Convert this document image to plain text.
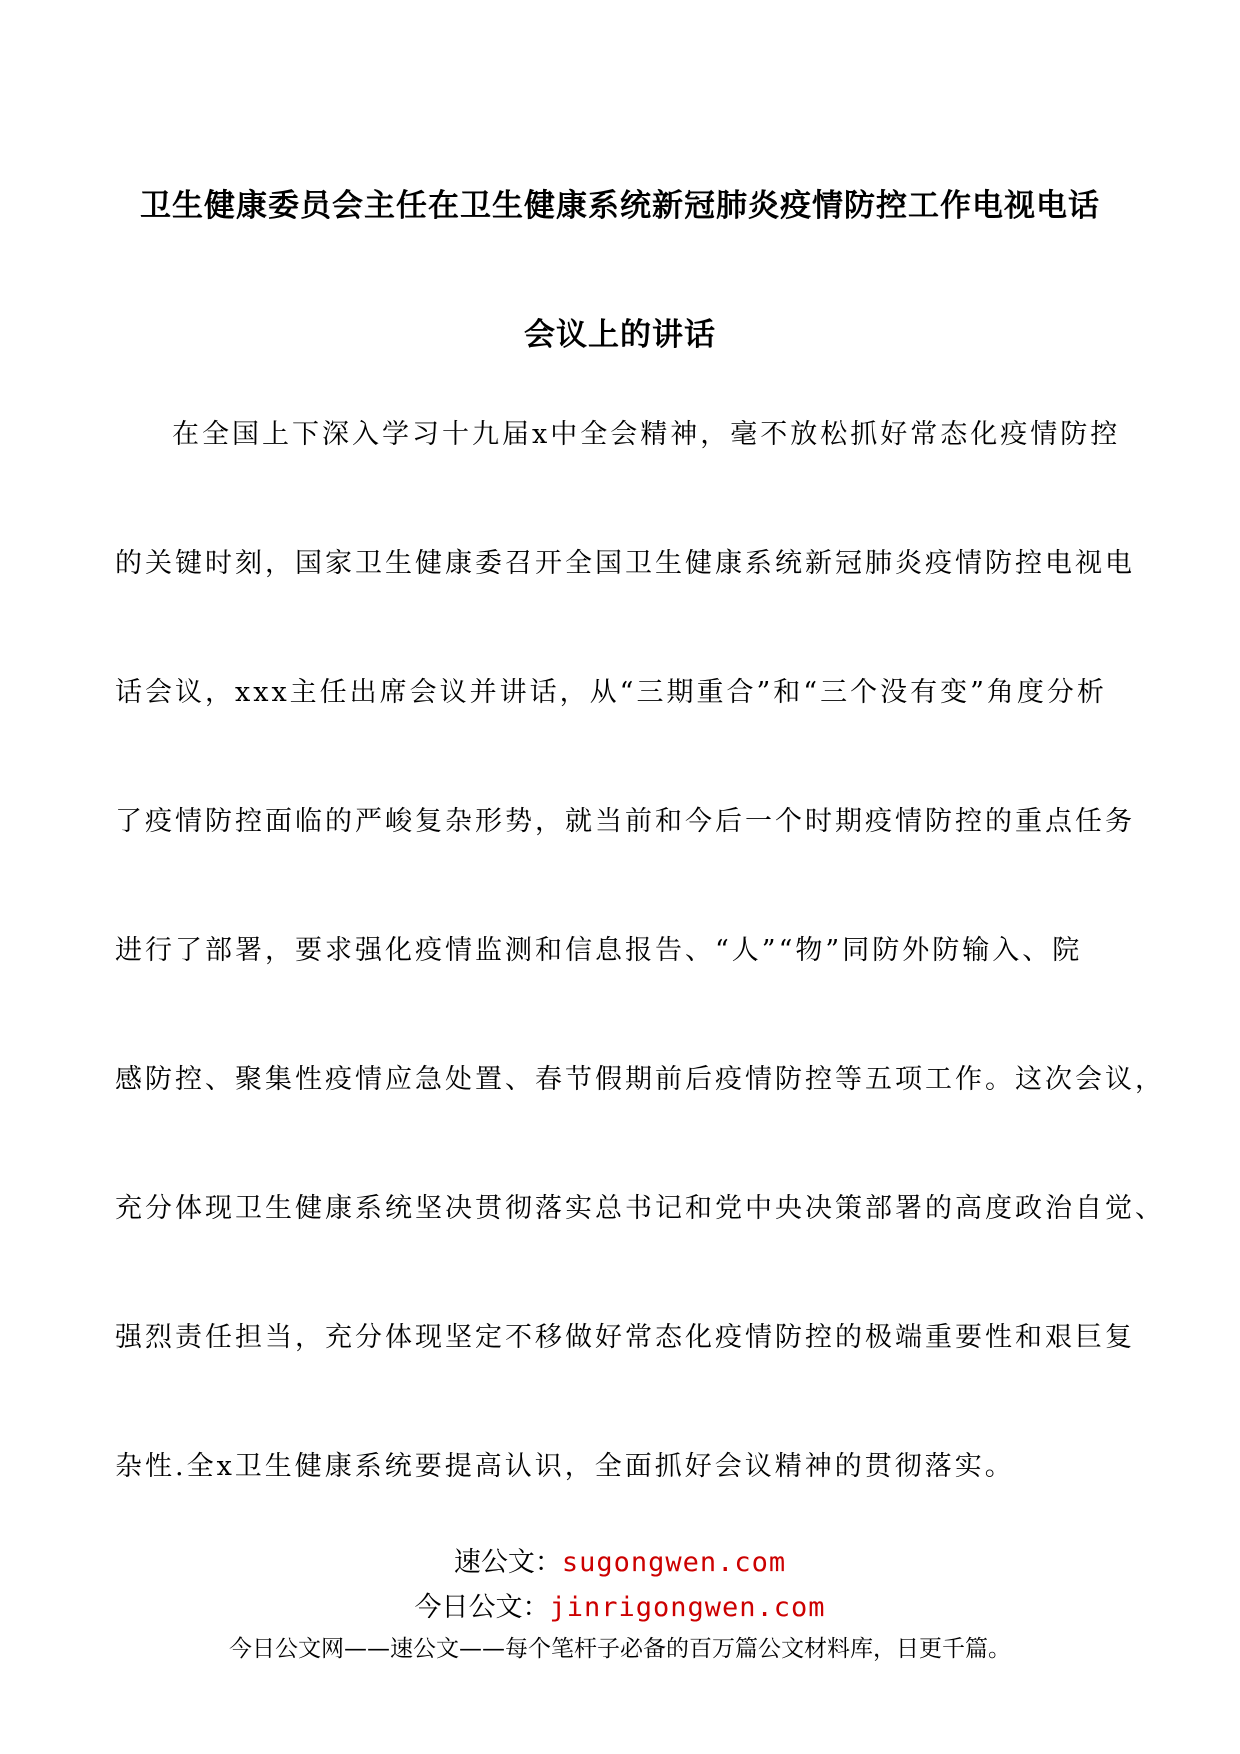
卫生健康委员会主任在卫生健康系统新冠肺炎疫情防控工作电视电话
会议上的讲话
在全国上下深入学习十九届x中全会精神，毫不放松抓好常态化疫情防控
的关键时刻，国家卫生健康委召开全国卫生健康系统新冠肺炎疫情防控电视电
话会议，xxx主任出席会议并讲话，从“三期重合”和“三个没有变”角度分析
了疫情防控面临的严峻复杂形势，就当前和今后一个时期疫情防控的重点任务
进行了部署，要求强化疫情监测和信息报告、“人”“物”同防外防输入、院
感防控、聚集性疫情应急处置、春节假期前后疫情防控等五项工作。这次会议，
充分体现卫生健康系统坚决贯彻落实总书记和党中央决策部署的高度政治自觉、
强烈责任担当，充分体现坚定不移做好常态化疫情防控的极端重要性和艰巨复
杂性.全x卫生健康系统要提高认识，全面抓好会议精神的贯彻落实。
速公文：sugongwen.com
今日公文：jinrigongwen.com
今日公文网——速公文——每个笔杆子必备的百万篇公文材料库，日更千篇。
